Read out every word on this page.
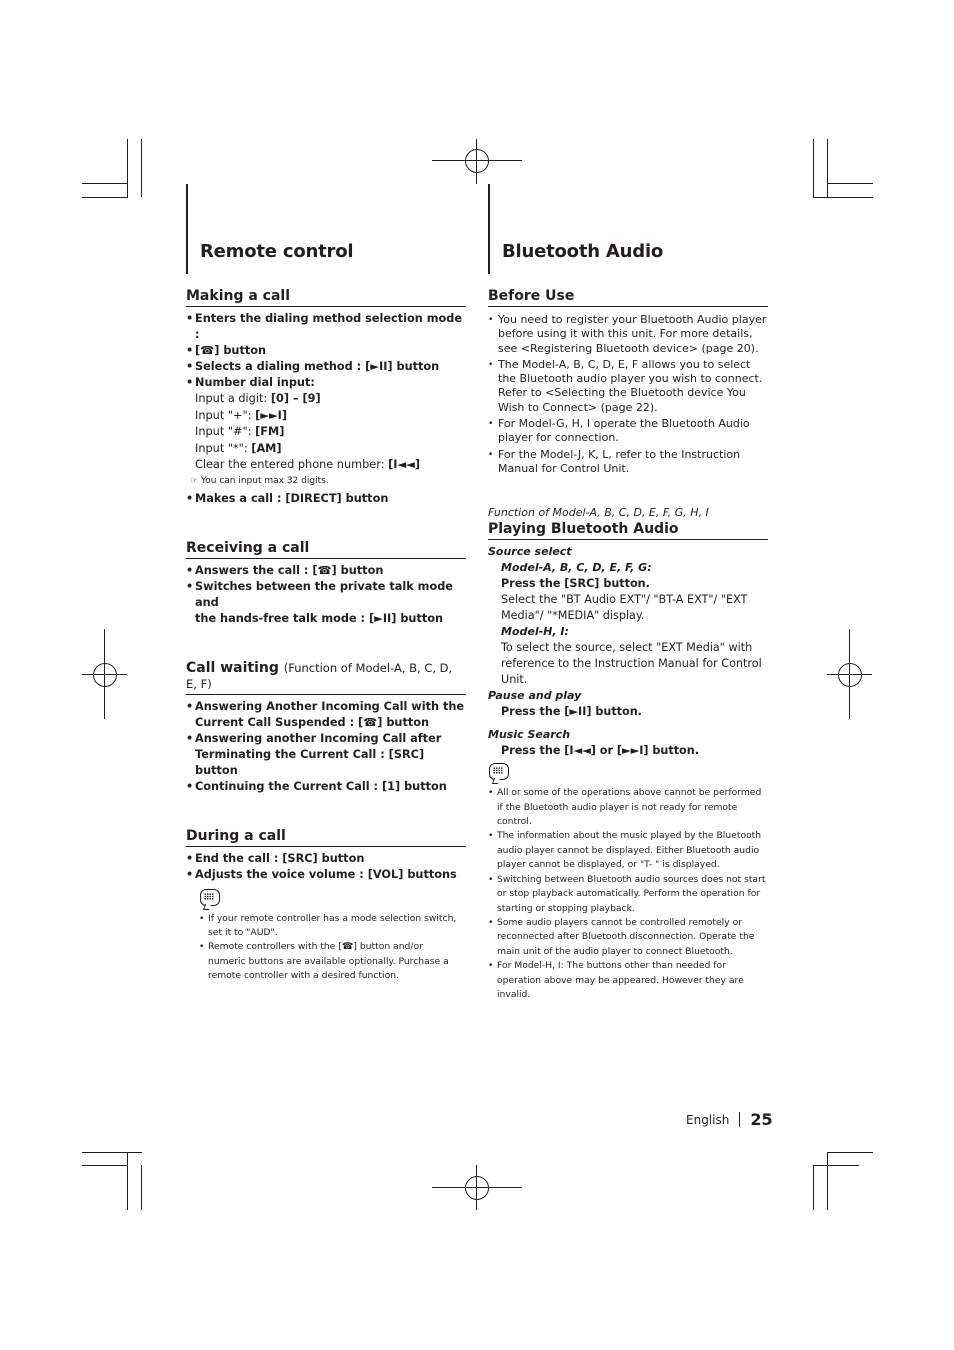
Remote control	Bluetooth Audio
Making a call
• Enters the dialing method selection mode :
• [☎] button
• Selects a dialing method : [►II] button
• Number dial input:
Input a digit: [0] – [9]
Input "+": [►►I]
Input "#": [FM]
Input "*": [AM]
Clear the entered phone number: [I◄◄]
☞ You can input max 32 digits.
• Makes a call : [DIRECT] button
Receiving a call
• Answers the call : [☎] button
• Switches between the private talk mode and
the hands-free talk mode : [►II] button
Call waiting (Function of Model-A, B, C, D, E, F)
• Answering Another Incoming Call with the
Current Call Suspended : [☎] button
• Answering another Incoming Call after
Terminating the Current Call : [SRC] button
• Continuing the Current Call : [1] button
During a call
• End the call : [SRC] button
• Adjusts the voice volume : [VOL] buttons
• If your remote controller has a mode selection switch, set it to "AUD".
• Remote controllers with the [☎] button and/or numeric buttons are available optionally. Purchase a remote controller with a desired function.
Before Use
• You need to register your Bluetooth Audio player before using it with this unit. For more details, see <Registering Bluetooth device> (page 20).
• The Model-A, B, C, D, E, F allows you to select the Bluetooth audio player you wish to connect. Refer to <Selecting the Bluetooth device You Wish to Connect> (page 22).
• For Model-G, H, I operate the Bluetooth Audio player for connection.
• For the Model-J, K, L, refer to the Instruction Manual for Control Unit.
Function of Model-A, B, C, D, E, F, G, H, I
Playing Bluetooth Audio
Source select
Model-A, B, C, D, E, F, G:
Press the [SRC] button.
Select the "BT Audio EXT"/ "BT-A EXT"/ "EXT Media"/ "*MEDIA" display.
Model-H, I:
To select the source, select "EXT Media" with reference to the Instruction Manual for Control Unit.
Pause and play
Press the [►II] button.
Music Search
Press the [I◄◄] or [►►I] button.
• All or some of the operations above cannot be performed if the Bluetooth audio player is not ready for remote control.
• The information about the music played by the Bluetooth audio player cannot be displayed. Either Bluetooth audio player cannot be displayed, or "T- " is displayed.
• Switching between Bluetooth audio sources does not start or stop playback automatically. Perform the operation for starting or stopping playback.
• Some audio players cannot be controlled remotely or reconnected after Bluetooth disconnection. Operate the main unit of the audio player to connect Bluetooth.
• For Model-H, I: The buttons other than needed for operation above may be appeared. However they are invalid.
English 25
